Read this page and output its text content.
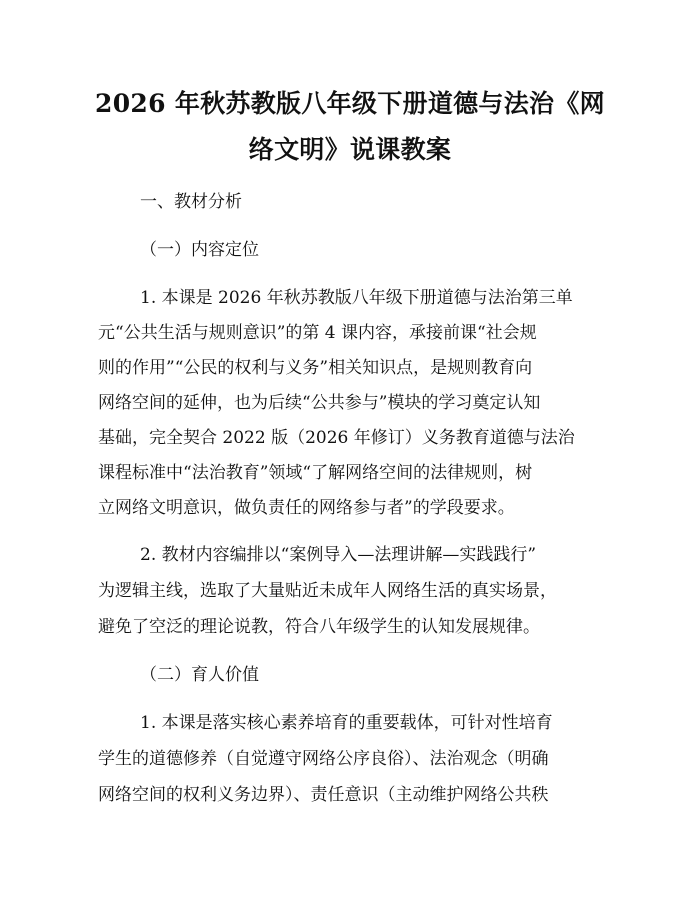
2026 年秋苏教版八年级下册道德与法治《网
络文明》说课教案
一、教材分析
（一）内容定位
1. 本课是 2026 年秋苏教版八年级下册道德与法治第三单
元“公共生活与规则意识”的第 4 课内容，承接前课“社会规
则的作用”“公民的权利与义务”相关知识点，是规则教育向
网络空间的延伸，也为后续“公共参与”模块的学习奠定认知
基础，完全契合 2022 版（2026 年修订）义务教育道德与法治
课程标准中“法治教育”领域“了解网络空间的法律规则，树
立网络文明意识，做负责任的网络参与者”的学段要求。
2. 教材内容编排以“案例导入—法理讲解—实践践行”
为逻辑主线，选取了大量贴近未成年人网络生活的真实场景，
避免了空泛的理论说教，符合八年级学生的认知发展规律。
（二）育人价值
1. 本课是落实核心素养培育的重要载体，可针对性培育
学生的道德修养（自觉遵守网络公序良俗）、法治观念（明确
网络空间的权利义务边界）、责任意识（主动维护网络公共秩
